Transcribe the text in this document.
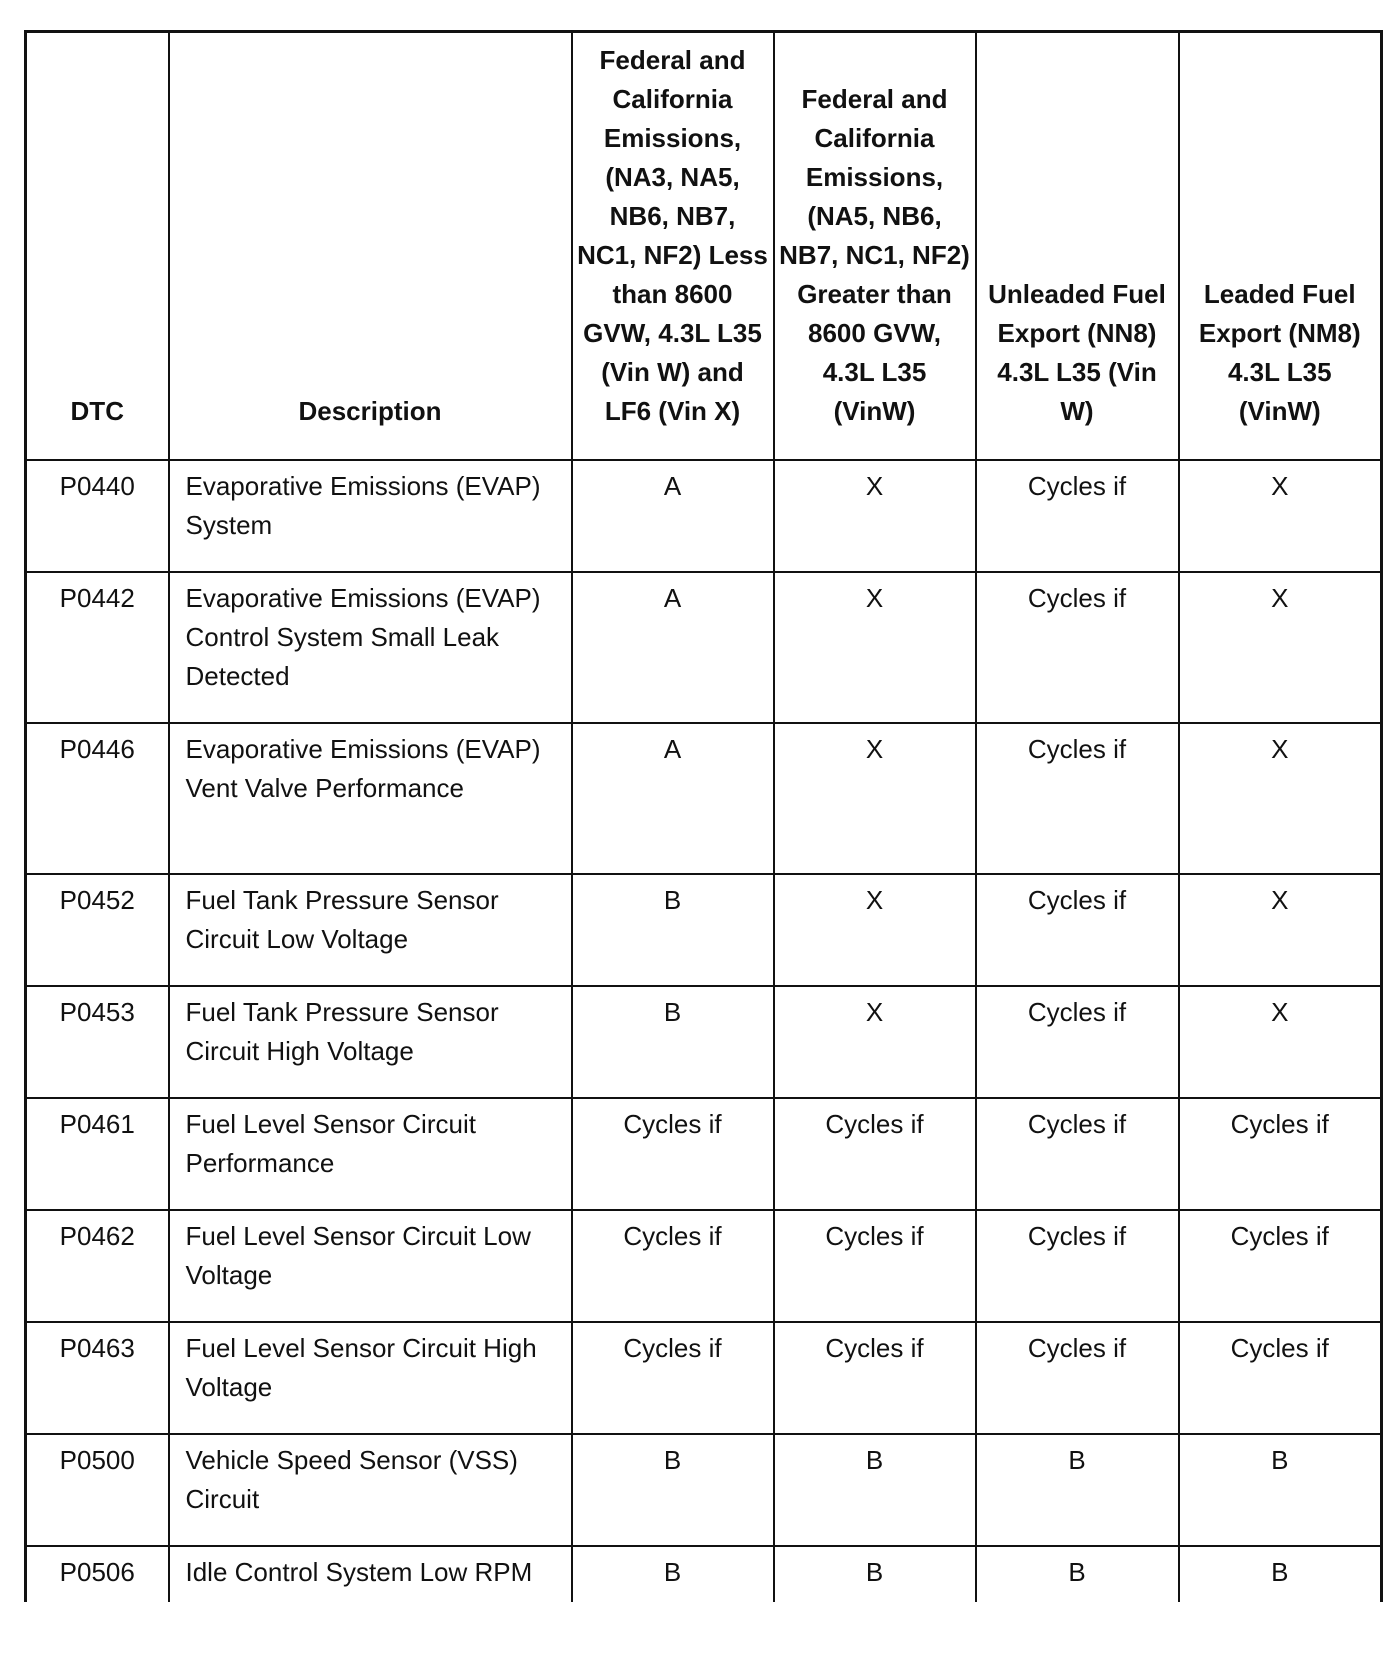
DTC	Description	Federal and California Emissions, (NA3, NA5, NB6, NB7, NC1, NF2) Less than 8600 GVW, 4.3L L35 (Vin W) and LF6 (Vin X)	Federal and California Emissions, (NA5, NB6, NB7, NC1, NF2) Greater than 8600 GVW, 4.3L L35 (VinW)	Unleaded Fuel Export (NN8) 4.3L L35 (Vin W)	Leaded Fuel Export (NM8) 4.3L L35 (VinW)
P0440	Evaporative Emissions (EVAP) System	A	X	Cycles if	X
P0442	Evaporative Emissions (EVAP) Control System Small Leak Detected	A	X	Cycles if	X
P0446	Evaporative Emissions (EVAP) Vent Valve Performance	A	X	Cycles if	X
P0452	Fuel Tank Pressure Sensor Circuit Low Voltage	B	X	Cycles if	X
P0453	Fuel Tank Pressure Sensor Circuit High Voltage	B	X	Cycles if	X
P0461	Fuel Level Sensor Circuit Performance	Cycles if	Cycles if	Cycles if	Cycles if
P0462	Fuel Level Sensor Circuit Low Voltage	Cycles if	Cycles if	Cycles if	Cycles if
P0463	Fuel Level Sensor Circuit High Voltage	Cycles if	Cycles if	Cycles if	Cycles if
P0500	Vehicle Speed Sensor (VSS) Circuit	B	B	B	B
P0506	Idle Control System Low RPM	B	B	B	B
